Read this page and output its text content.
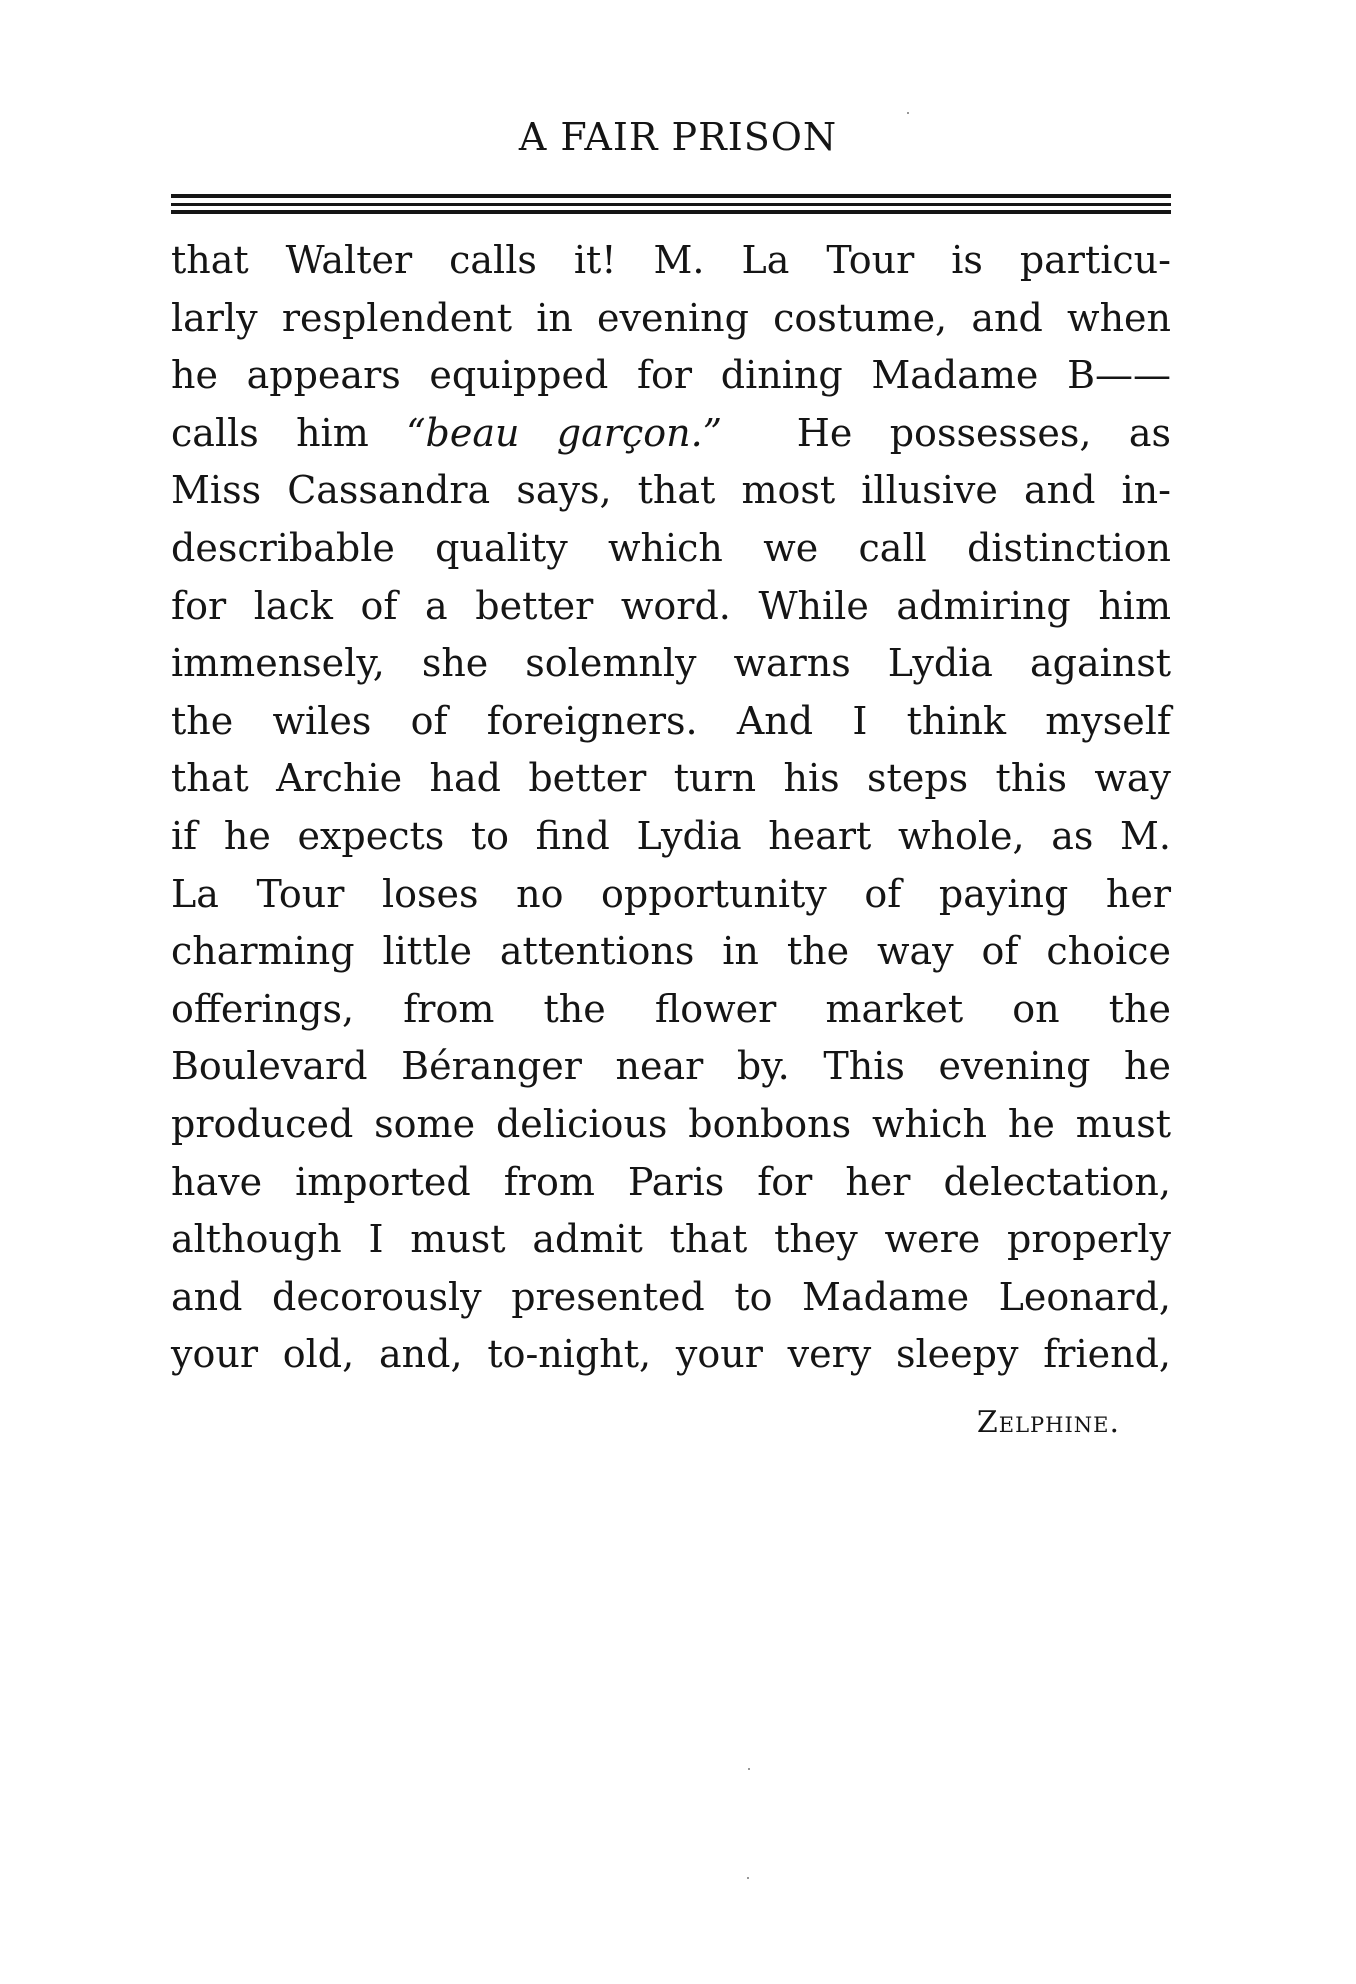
A FAIR PRISON
that Walter calls it! M. La Tour is particu-
larly resplendent in evening costume, and when
he appears equipped for dining Madame B——
calls him “beau garçon.”  He possesses, as
Miss Cassandra says, that most illusive and in-
describable quality which we call distinction
for lack of a better word. While admiring him
immensely, she solemnly warns Lydia against
the wiles of foreigners. And I think myself
that Archie had better turn his steps this way
if he expects to find Lydia heart whole, as M.
La Tour loses no opportunity of paying her
charming little attentions in the way of choice
offerings, from the flower market on the
Boulevard Béranger near by. This evening he
produced some delicious bonbons which he must
have imported from Paris for her delectation,
although I must admit that they were properly
and decorously presented to Madame Leonard,
your old, and, to-night, your very sleepy friend,
Zelphine.
